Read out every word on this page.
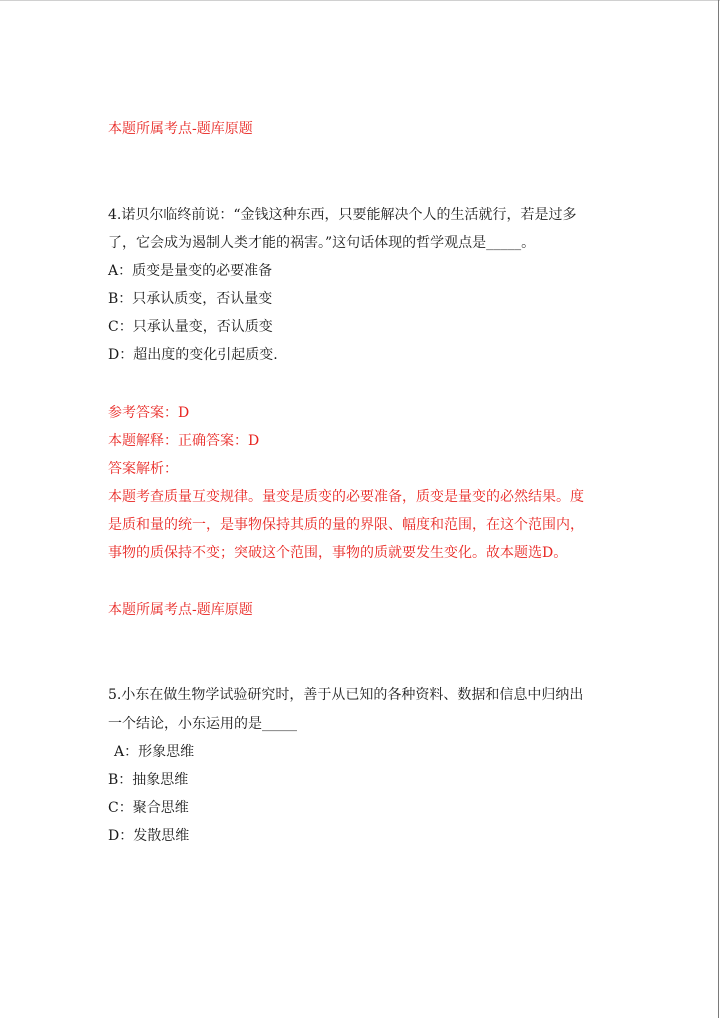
本题所属考点-题库原题
4.诺贝尔临终前说：“金钱这种东西，只要能解决个人的生活就行，若是过多
了，它会成为遏制人类才能的祸害。”这句话体现的哲学观点是_____。
A：质变是量变的必要准备
B：只承认质变，否认量变
C：只承认量变，否认质变
D：超出度的变化引起质变.
参考答案：D
本题解释：正确答案：D
答案解析：
本题考查质量互变规律。量变是质变的必要准备，质变是量变的必然结果。度
是质和量的统一，是事物保持其质的量的界限、幅度和范围，在这个范围内，
事物的质保持不变；突破这个范围，事物的质就要发生变化。故本题选D。
本题所属考点-题库原题
5.小东在做生物学试验研究时，善于从已知的各种资料、数据和信息中归纳出
一个结论，小东运用的是_____
A：形象思维
B：抽象思维
C：聚合思维
D：发散思维
